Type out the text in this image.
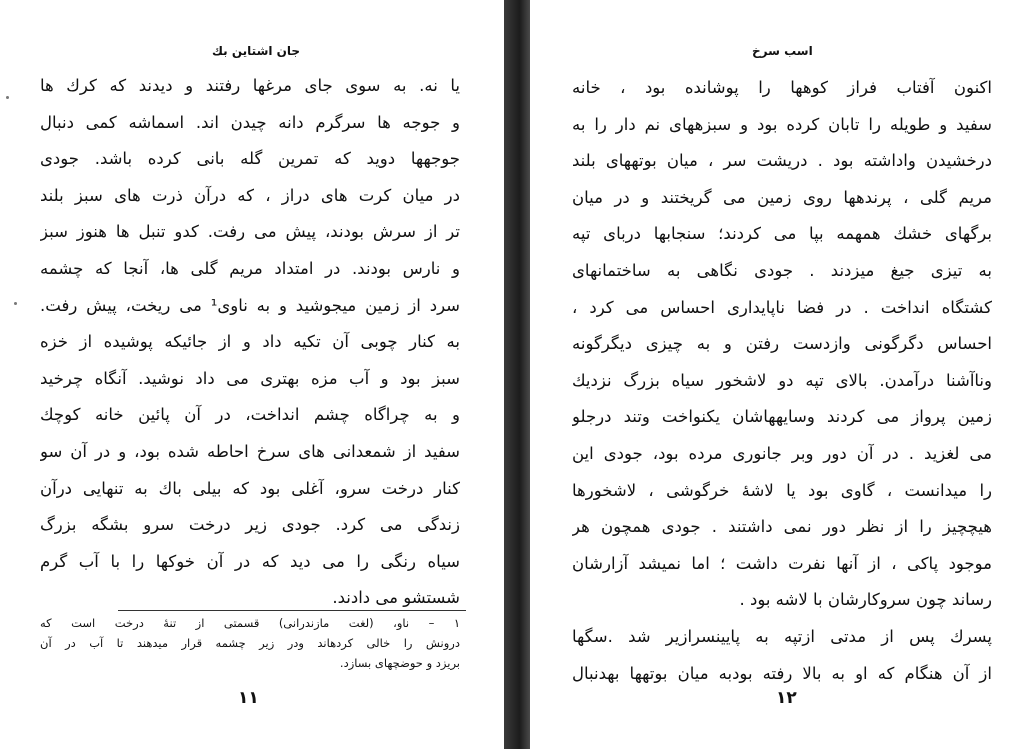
جان اشتاین بك
یا نه. به سوی جای مرغها رفتند و دیدند که کرك ها
و جوجه ها سرگرم دانه چیدن اند. اسماشه کمی دنبال
جوجهها دوید که تمرین گله بانی کرده باشد. جودی
در میان کرت های دراز ، که درآن ذرت های سبز بلند
تر از سرش بودند، پیش می رفت. کدو تنبل ها هنوز سبز
و نارس بودند. در امتداد مریم گلی ها، آنجا که چشمه
سرد از زمین میجوشید و به ناوی¹ می ریخت، پیش رفت.
به کنار چوبی آن تکیه داد و از جائیکه پوشیده از خزه
سبز بود و آب مزه بهتری می داد نوشید. آنگاه چرخید
و به چراگاه چشم انداخت، در آن پائین خانه کوچك
سفید از شمعدانی های سرخ احاطه شده بود، و در آن سو
کنار درخت سرو، آغلی بود که بیلی باك به تنهایی درآن
زندگی می کرد. جودی زیر درخت سرو بشگه بزرگ
سیاه رنگی را می دید که در آن خوکها را با آب گرم
شستشو می دادند.
۱ – ناو، (لغت مازندرانی) قسمتی از تنهٔ درخت است که
درونش را خالی کردهاند ودر زیر چشمه قرار میدهند تا آب در آن
بریزد و حوضچهای بسازد.
۱۱
اسب سرخ
اکنون آفتاب فراز کوهها را پوشانده بود ، خانه
سفید و طویله را تابان کرده بود و سبزههای نم دار را به
درخشیدن واداشته بود . دریشت سر ، میان بوتههای بلند
مریم گلی ، پرندهها روی زمین می گریختند و در میان
برگهای خشك همهمه بپا می کردند؛ سنجابها دربای تپه
به تیزی جیغ میزدند . جودی نگاهی به ساختمانهای
کشتگاه انداخت . در فضا ناپایداری احساس می کرد ،
احساس دگرگونی وازدست رفتن و به چیزی دیگرگونه
وناآشنا درآمدن. بالای تپه دو لاشخور سیاه بزرگ نزدیك
زمین پرواز می کردند وسایههاشان یکنواخت وتند درجلو
می لغزید . در آن دور وبر جانوری مرده بود، جودی این
را میدانست ، گاوی بود یا لاشهٔ خرگوشی ، لاشخورها
هیچچیز را از نظر دور نمی داشتند . جودی همچون هر
موجود پاکی ، از آنها نفرت داشت ؛ اما نمیشد آزارشان
رساند چون سروکارشان با لاشه بود .
پسرك پس از مدتی ازتپه به پایینسرازیر شد .سگها
از آن هنگام که او به بالا رفته بودبه میان بوتهها بهدنبال
۱۲
